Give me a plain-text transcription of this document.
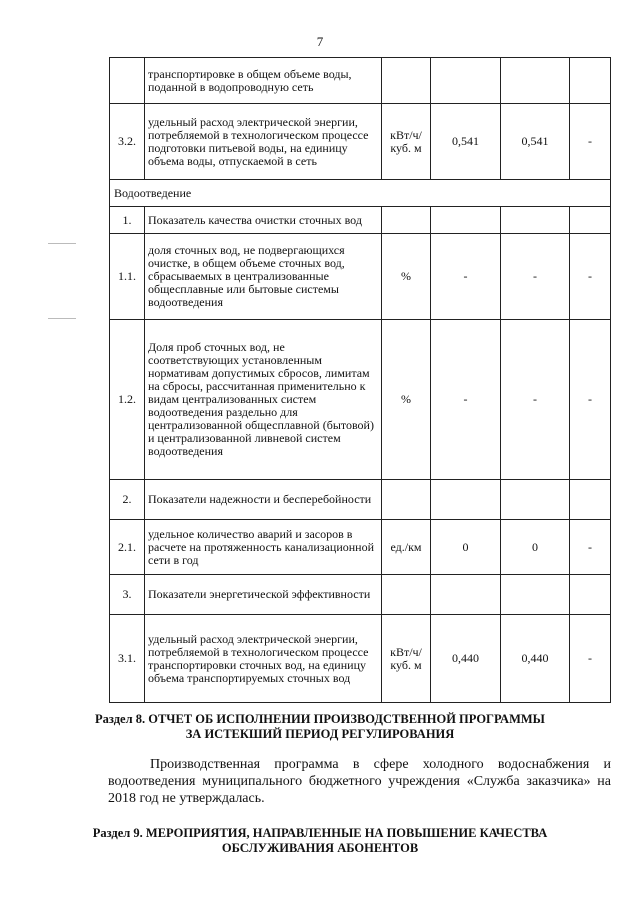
7
	транспортировке в общем объеме воды, поданной в водопроводную сеть				
3.2.	удельный расход электрической энергии, потребляемой в технологическом процессе подготовки питьевой воды, на единицу объема воды, отпускаемой в сеть	кВт/ч/куб. м	0,541	0,541	-
Водоотведение					
1.	Показатель качества очистки сточных вод				
1.1.	доля сточных вод, не подвергающихся очистке, в общем объеме сточных вод, сбрасываемых в централизованные общесплавные или бытовые системы водоотведения	%	-	-	-
1.2.	Доля проб сточных вод, не соответствующих установленным нормативам допустимых сбросов, лимитам на сбросы, рассчитанная применительно к видам централизованных систем водоотведения раздельно для централизованной общесплавной (бытовой) и централизованной ливневой систем водоотведения	%	-	-	-
2.	Показатели надежности и бесперебойности				
2.1.	удельное количество аварий и засоров в расчете на протяженность канализационной сети в год	ед./км	0	0	-
3.	Показатели энергетической эффективности				
3.1.	удельный расход электрической энергии, потребляемой в технологическом процессе транспортировки сточных вод, на единицу объема транспортируемых сточных вод	кВт/ч/куб. м	0,440	0,440	-
Раздел 8. ОТЧЕТ ОБ ИСПОЛНЕНИИ ПРОИЗВОДСТВЕННОЙ ПРОГРАММЫ
ЗА ИСТЕКШИЙ ПЕРИОД РЕГУЛИРОВАНИЯ
Производственная программа в сфере холодного водоснабжения и водоотведения муниципального бюджетного учреждения «Служба заказчика» на 2018 год не утверждалась.
Раздел 9. МЕРОПРИЯТИЯ, НАПРАВЛЕННЫЕ НА ПОВЫШЕНИЕ КАЧЕСТВА
ОБСЛУЖИВАНИЯ АБОНЕНТОВ
